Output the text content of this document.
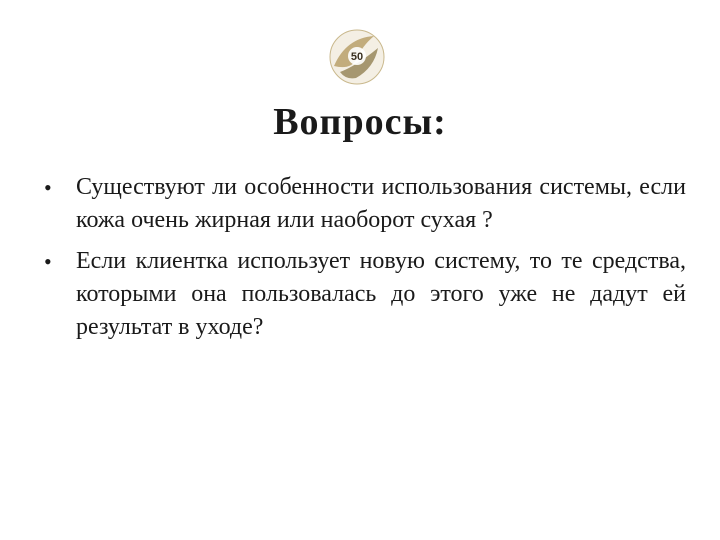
50
Вопросы:
•	Существуют ли особенности использования системы, если кожа очень жирная или наоборот сухая ?
•	Если клиентка использует новую систему, то те средства, которыми она пользовалась до этого уже не дадут ей результат в уходе?
